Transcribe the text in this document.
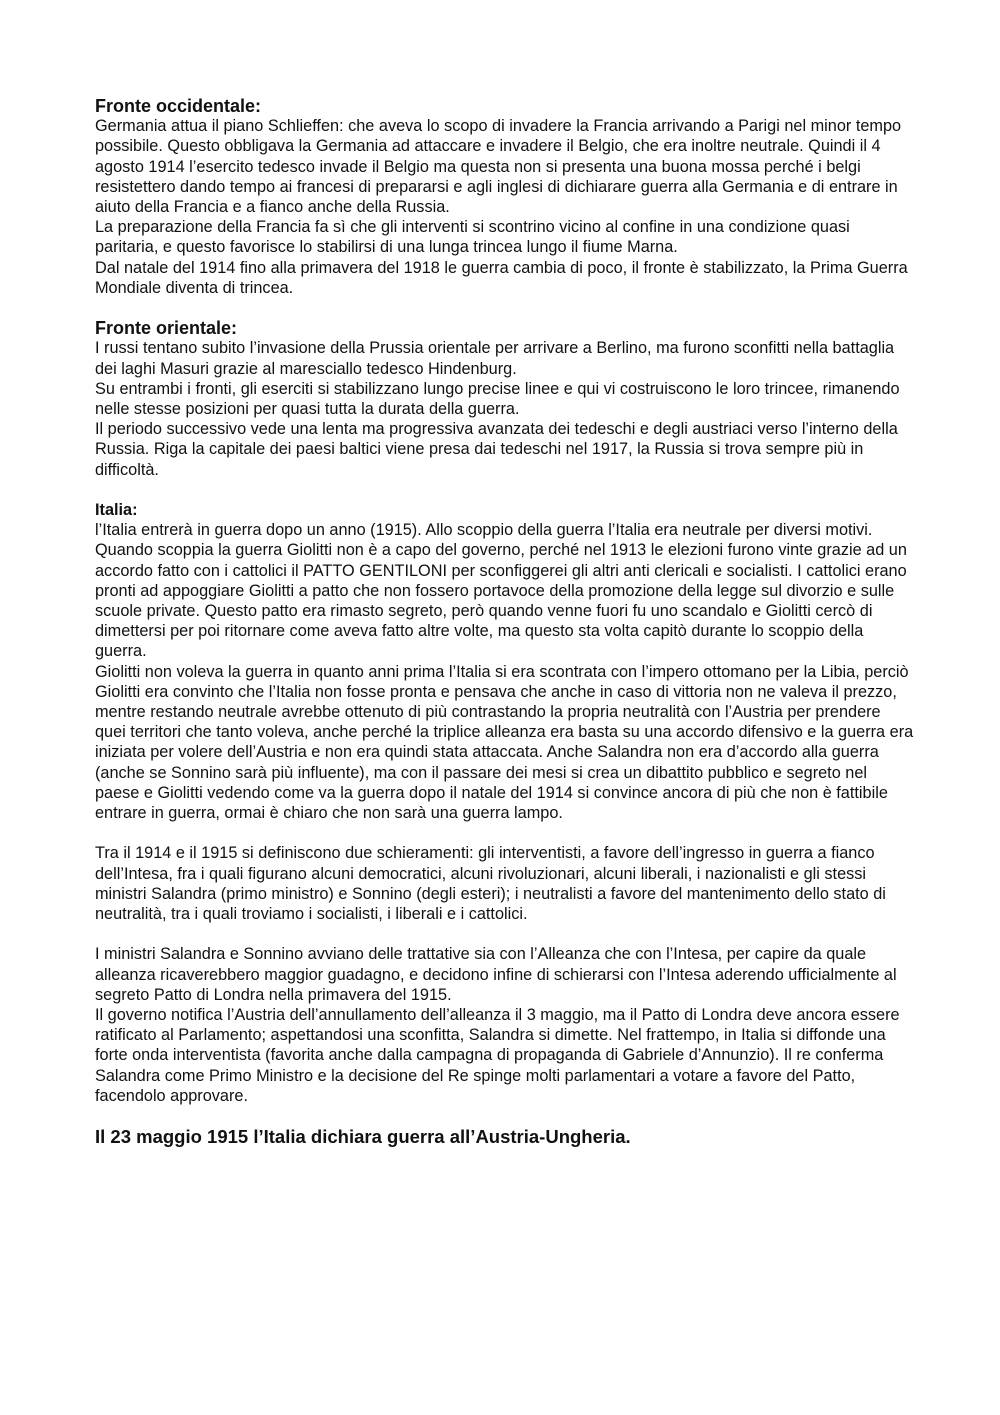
Fronte occidentale:

Germania attua il piano Schlieffen: che aveva lo scopo di invadere la Francia arrivando a Parigi nel minor tempo possibile. Questo obbligava la Germania ad attaccare e invadere il Belgio, che era inoltre neutrale. Quindi il 4 agosto 1914 l’esercito tedesco invade il Belgio ma questa non si presenta una buona mossa perché i belgi resistettero dando tempo ai francesi di prepararsi e agli inglesi di dichiarare guerra alla Germania e di entrare in aiuto della Francia e a fianco anche della Russia.

La preparazione della Francia fa sì che gli interventi si scontrino vicino al confine in una condizione quasi paritaria, e questo favorisce lo stabilirsi di una lunga trincea lungo il fiume Marna.

Dal natale del 1914 fino alla primavera del 1918 le guerra cambia di poco, il fronte è stabilizzato, la Prima Guerra Mondiale diventa di trincea.

Fronte orientale:

I russi tentano subito l’invasione della Prussia orientale per arrivare a Berlino, ma furono sconfitti nella battaglia dei laghi Masuri grazie al maresciallo tedesco Hindenburg.

Su entrambi i fronti, gli eserciti si stabilizzano lungo precise linee e qui vi costruiscono le loro trincee, rimanendo nelle stesse posizioni per quasi tutta la durata della guerra.

Il periodo successivo vede una lenta ma progressiva avanzata dei tedeschi e degli austriaci verso l’interno della Russia. Riga la capitale dei paesi baltici viene presa dai tedeschi nel 1917, la Russia si trova sempre più in difficoltà.

Italia:

l’Italia entrerà in guerra dopo un anno (1915). Allo scoppio della guerra l’Italia era neutrale per diversi motivi. Quando scoppia la guerra Giolitti non è a capo del governo, perché nel 1913 le elezioni furono vinte grazie ad un accordo fatto con i cattolici il PATTO GENTILONI per sconfiggerei gli altri anti clericali e socialisti. I cattolici erano pronti ad appoggiare Giolitti a patto che non fossero portavoce della promozione della legge sul divorzio e sulle scuole private. Questo patto era rimasto segreto, però quando venne fuori fu uno scandalo e Giolitti cercò di dimettersi per poi ritornare come aveva fatto altre volte, ma questo sta volta capitò durante lo scoppio della guerra.

Giolitti non voleva la guerra in quanto anni prima l’Italia si era scontrata con l’impero ottomano per la Libia, perciò Giolitti era convinto che l’Italia non fosse pronta e pensava che anche in caso di vittoria non ne valeva il prezzo, mentre restando neutrale avrebbe ottenuto di più contrastando la propria neutralità con l’Austria per prendere quei territori che tanto voleva, anche perché la triplice alleanza era basta su una accordo difensivo e la guerra era iniziata per volere dell’Austria e non era quindi stata attaccata. Anche Salandra non era d’accordo alla guerra (anche se Sonnino sarà più influente), ma con il passare dei mesi si crea un dibattito pubblico e segreto nel paese e Giolitti vedendo come va la guerra dopo il natale del 1914 si convince ancora di più che non è fattibile entrare in guerra, ormai è chiaro che non sarà una guerra lampo.

Tra il 1914 e il 1915 si definiscono due schieramenti: gli interventisti, a favore dell’ingresso in guerra a fianco dell’Intesa, fra i quali figurano alcuni democratici, alcuni rivoluzionari, alcuni liberali, i nazionalisti e gli stessi ministri Salandra (primo ministro) e Sonnino (degli esteri); i neutralisti a favore del mantenimento dello stato di neutralità, tra i quali troviamo i socialisti, i liberali e i cattolici.

I ministri Salandra e Sonnino avviano delle trattative sia con l’Alleanza che con l’Intesa, per capire da quale alleanza ricaverebbero maggior guadagno, e decidono infine di schierarsi con l’Intesa aderendo ufficialmente al segreto Patto di Londra nella primavera del 1915.

Il governo notifica l’Austria dell’annullamento dell’alleanza il 3 maggio, ma il Patto di Londra deve ancora essere ratificato al Parlamento; aspettandosi una sconfitta, Salandra si dimette. Nel frattempo, in Italia si diffonde una forte onda interventista (favorita anche dalla campagna di propaganda di Gabriele d’Annunzio). Il re conferma Salandra come Primo Ministro e la decisione del Re spinge molti parlamentari a votare a favore del Patto, facendolo approvare.

Il 23 maggio 1915 l’Italia dichiara guerra all’Austria-Ungheria.
